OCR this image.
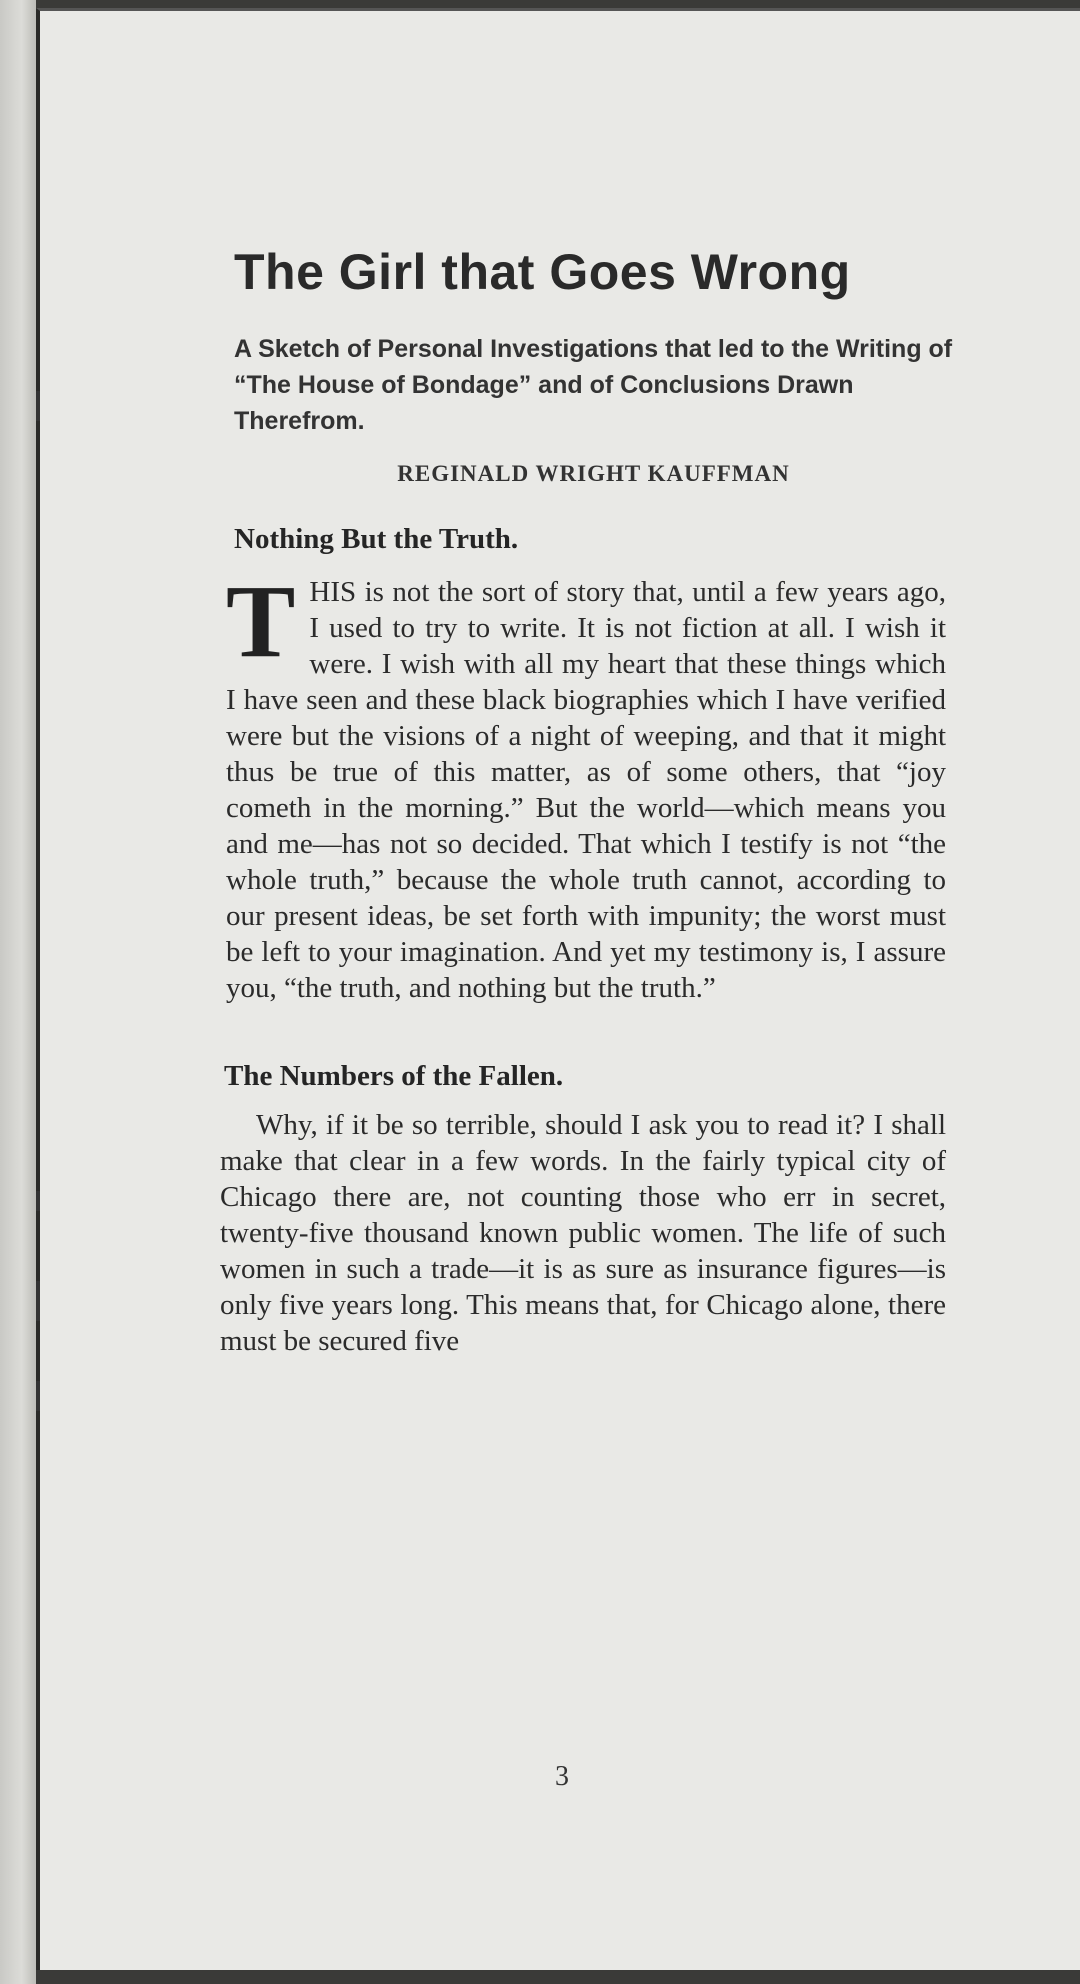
The Girl that Goes Wrong

A Sketch of Personal Investigations that led to the Writing of “The House of Bondage” and of Conclusions Drawn Therefrom.

REGINALD WRIGHT KAUFFMAN

Nothing But the Truth.

THIS is not the sort of story that, until a few years ago, I used to try to write. It is not fiction at all. I wish it were. I wish with all my heart that these things which I have seen and these black biographies which I have verified were but the visions of a night of weeping, and that it might thus be true of this matter, as of some others, that “joy cometh in the morning.” But the world—which means you and me—has not so decided. That which I testify is not “the whole truth,” because the whole truth cannot, according to our present ideas, be set forth with impunity; the worst must be left to your imagination. And yet my testimony is, I assure you, “the truth, and nothing but the truth.”

The Numbers of the Fallen.

Why, if it be so terrible, should I ask you to read it? I shall make that clear in a few words. In the fairly typical city of Chicago there are, not counting those who err in secret, twenty-five thousand known public women. The life of such women in such a trade—it is as sure as insurance figures—is only five years long. This means that, for Chicago alone, there must be secured five

3
